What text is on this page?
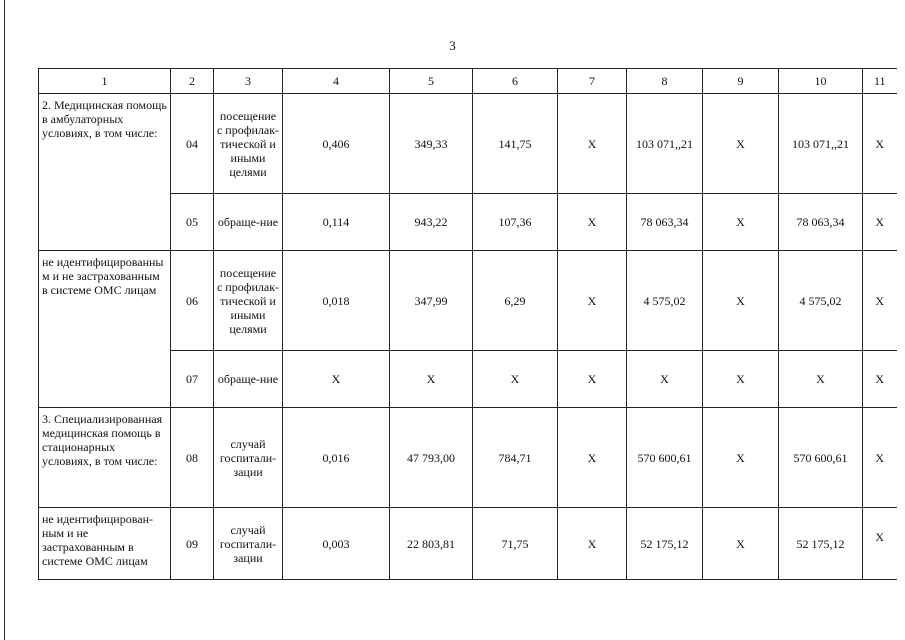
3
1	2	3	4	5	6	7	8	9	10	11
2. Медицинская помощь в амбулаторных условиях, в том числе:	04	посещение с профилак-тической и иными целями	0,406	349,33	141,75	X	103 071,,21	X	103 071,,21	X
	05	обраще-ние	0,114	943,22	107,36	X	78 063,34	X	78 063,34	X
не идентифицированны м и не застрахованным в системе ОМС лицам	06	посещение с профилак-тической и иными целями	0,018	347,99	6,29	X	4 575,02	X	4 575,02	X
	07	обраще-ние	X	X	X	X	X	X	X	X
3. Специализированная медицинская помощь в стационарных условиях, в том числе:	08	случай госпитали-зации	0,016	47 793,00	784,71	X	570 600,61	X	570 600,61	X
не идентифицирован-ным и не застрахованным в системе ОМС лицам	09	случай госпитали-зации	0,003	22 803,81	71,75	X	52 175,12	X	52 175,12	X
